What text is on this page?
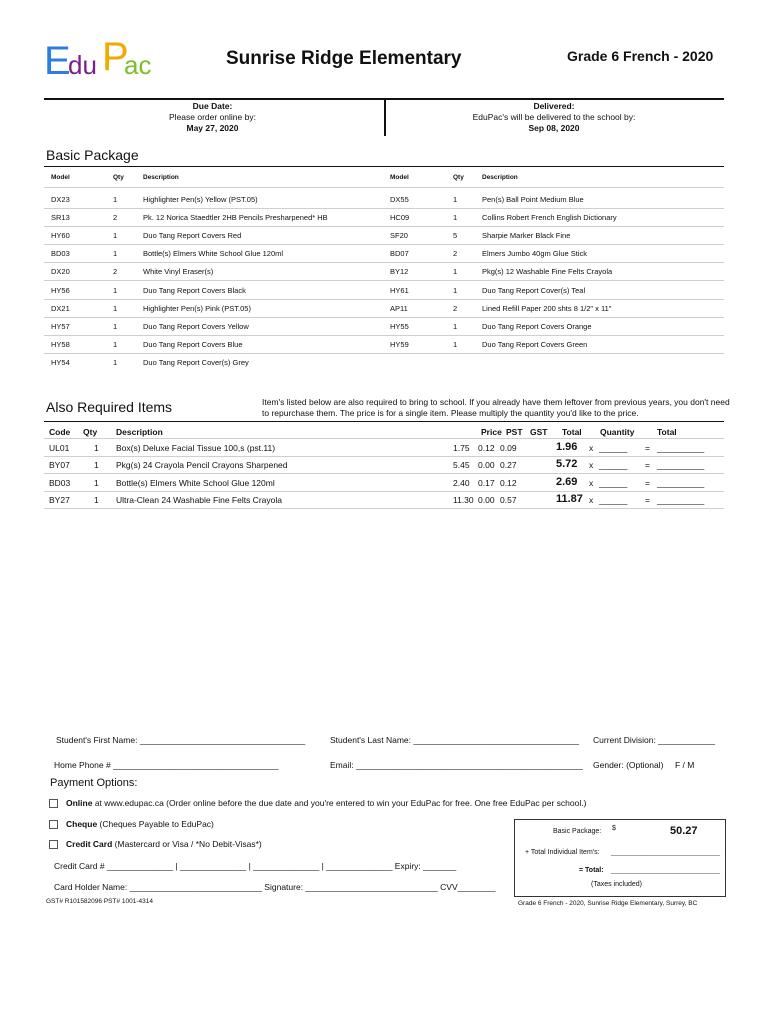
E
du P
ac	Sunrise Ridge Elementary	Grade 6 French - 2020
Due Date:
Please order online by:
May 27, 2020
Delivered:
EduPac's will be delivered to the school by:
Sep 08, 2020
Basic Package
Model	Qty	Description	Model	Qty	Description
DX23	1	Highlighter Pen(s) Yellow (PST.05)	DX55	1	Pen(s) Ball Point Medium Blue
SR13	2	Pk. 12 Norica Staedtler 2HB Pencils Presharpened* HB	HC09	1	Collins Robert French English Dictionary
HY60	1	Duo Tang Report Covers Red	SF20	5	Sharpie Marker Black Fine
BD03	1	Bottle(s) Elmers White School Glue 120ml	BD07	2	Elmers Jumbo 40gm Glue Stick
DX20	2	White Vinyl Eraser(s)	BY12	1	Pkg(s) 12 Washable Fine Felts Crayola
HY56	1	Duo Tang Report Covers Black	HY61	1	Duo Tang Report Cover(s) Teal
DX21	1	Highlighter Pen(s) Pink (PST.05)	AP11	2	Lined Refill Paper 200 shts 8 1/2" x 11"
HY57	1	Duo Tang Report Covers Yellow	HY55	1	Duo Tang Report Covers Orange
HY58	1	Duo Tang Report Covers Blue	HY59	1	Duo Tang Report Covers Green
HY54	1	Duo Tang Report Cover(s) Grey
Also Required Items	Item's listed below are also required to bring to school. If you already have them leftover from previous years, you don't need to repurchase them. The price is for a single item. Please multiply the quantity you'd like to the price.
Code Qty Description	Price PST GST Total Quantity	Total
UL01	1 Box(s) Deluxe Facial Tissue 100,s (pst.11)	1.75 0.12 0.09	1.96 x ______ = __________
BY07	1 Pkg(s) 24 Crayola Pencil Crayons Sharpened	5.45 0.00 0.27	5.72 x ______ = __________
BD03	1 Bottle(s) Elmers White School Glue 120ml	2.40 0.17 0.12	2.69 x ______ = __________
BY27	1 Ultra-Clean 24 Washable Fine Felts Crayola	11.30 0.00 0.57	11.87 x ______ = __________
Student's First Name: ___________________________________	Student's Last Name: ___________________________________ Current Division: ____________
Home Phone # ___________________________________	Email: ________________________________________________ Gender: (Optional) F / M
Payment Options:
Online at www.edupac.ca (Order online before the due date and you're entered to win your EduPac for free. One free EduPac per school.)
Cheque (Cheques Payable to EduPac)
Credit Card (Mastercard or Visa / *No Debit-Visas*)
Credit Card # ______________ | ______________ | ______________ | ______________ Expiry: _______
Card Holder Name: ____________________________ Signature: ____________________________ CVV________
Basic Package: $	50.27
+ Total Individual Item's: ____________________________
= Total: ____________________________
(Taxes included)
GST# R101582096 PST# 1001-4314	Grade 6 French - 2020, Sunrise Ridge Elementary, Surrey, BC
